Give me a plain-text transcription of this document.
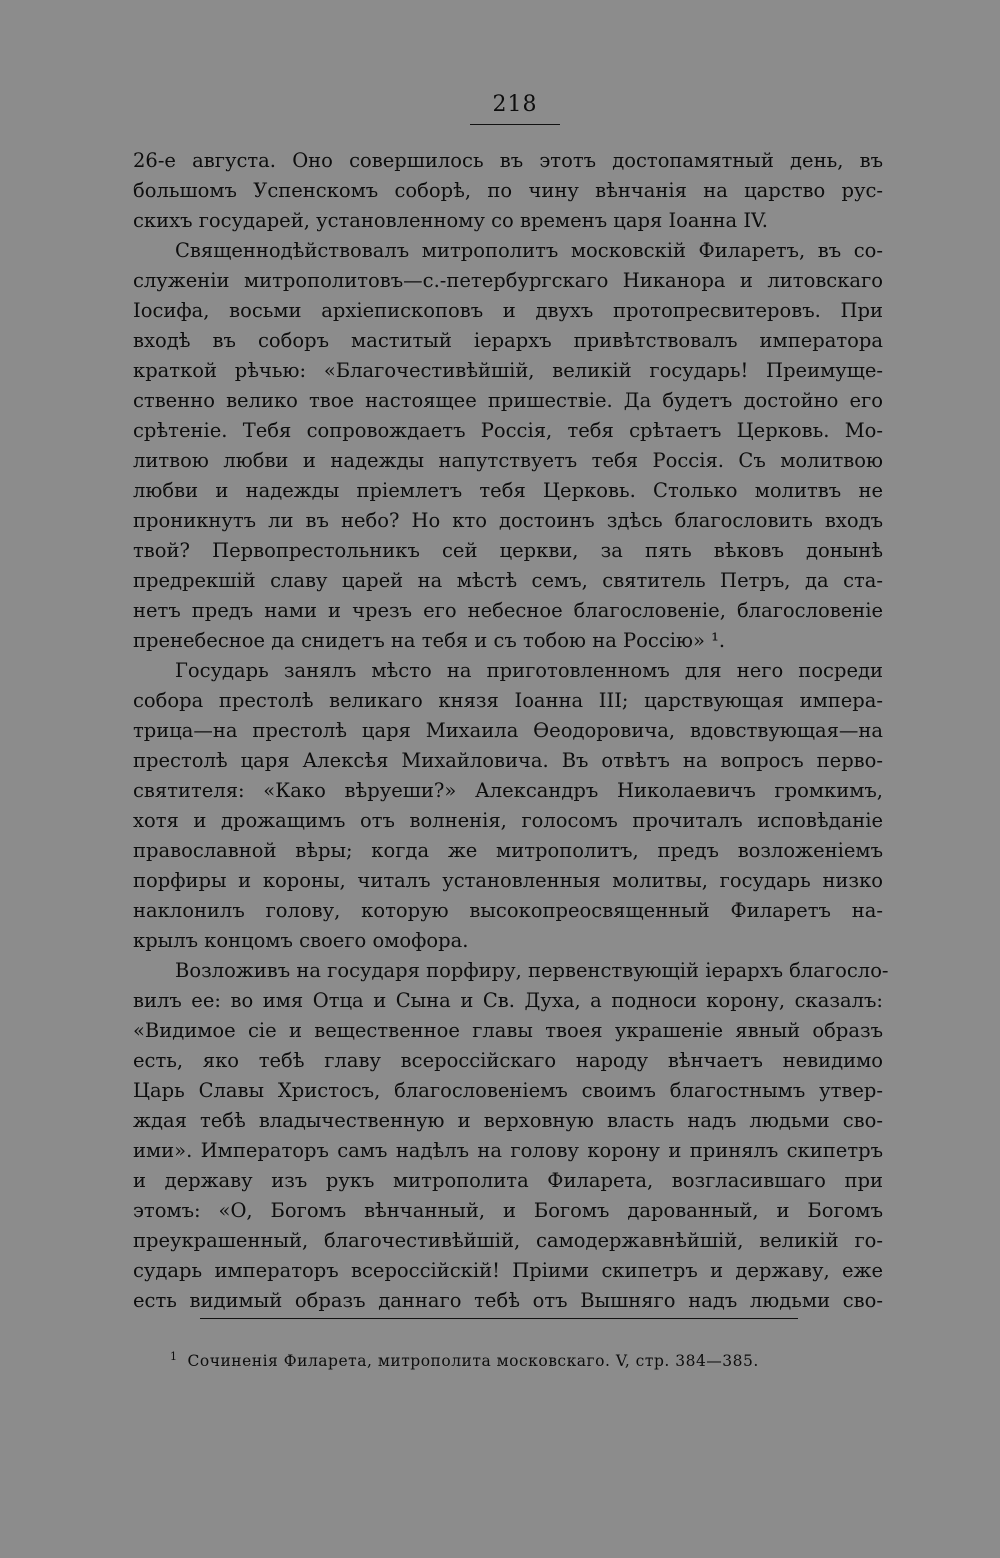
218
26-е августа. Оно совершилось въ этотъ достопамятный день, въ
большомъ Успенскомъ соборѣ, по чину вѣнчанія на царство рус-
скихъ государей, установленному со временъ царя Іоанна IV.
Священнодѣйствовалъ митрополитъ московскій Филаретъ, въ со-
служеніи митрополитовъ—с.-петербургскаго Никанора и литовскаго
Іосифа, восьми архіепископовъ и двухъ протопресвитеровъ. При
входѣ въ соборъ маститый іерархъ привѣтствовалъ императора
краткой рѣчью: «Благочестивѣйшій, великій государь! Преимуще-
ственно велико твое настоящее пришествіе. Да будетъ достойно его
срѣтеніе. Тебя сопровождаетъ Россія, тебя срѣтаетъ Церковь. Мо-
литвою любви и надежды напутствуетъ тебя Россія. Съ молитвою
любви и надежды пріемлетъ тебя Церковь. Столько молитвъ не
проникнутъ ли въ небо? Но кто достоинъ здѣсь благословить входъ
твой? Первопрестольникъ сей церкви, за пять вѣковъ донынѣ
предрекшій славу царей на мѣстѣ семъ, святитель Петръ, да ста-
нетъ предъ нами и чрезъ его небесное благословеніе, благословеніе
пренебесное да снидетъ на тебя и съ тобою на Россію» ¹.
Государь занялъ мѣсто на приготовленномъ для него посреди
собора престолѣ великаго князя Іоанна III; царствующая импера-
трица—на престолѣ царя Михаила Ѳеодоровича, вдовствующая—на
престолѣ царя Алексѣя Михайловича. Въ отвѣтъ на вопросъ перво-
святителя: «Како вѣруеши?» Александръ Николаевичъ громкимъ,
хотя и дрожащимъ отъ волненія, голосомъ прочиталъ исповѣданіе
православной вѣры; когда же митрополитъ, предъ возложеніемъ
порфиры и короны, читалъ установленныя молитвы, государь низко
наклонилъ голову, которую высокопреосвященный Филаретъ на-
крылъ концомъ своего омофора.
Возложивъ на государя порфиру, первенствующій іерархъ благосло-
вилъ ее: во имя Отца и Сына и Св. Духа, а подноси корону, сказалъ:
«Видимое сіе и вещественное главы твоея украшеніе явный образъ
есть, яко тебѣ главу всероссійскаго народу вѣнчаетъ невидимо
Царь Славы Христосъ, благословеніемъ своимъ благостнымъ утвер-
ждая тебѣ владычественную и верховную власть надъ людьми сво-
ими». Императоръ самъ надѣлъ на голову корону и принялъ скипетръ
и державу изъ рукъ митрополита Филарета, возгласившаго при
этомъ: «О, Богомъ вѣнчанный, и Богомъ дарованный, и Богомъ
преукрашенный, благочестивѣйшій, самодержавнѣйшій, великій го-
сударь императоръ всероссійскій! Пріими скипетръ и державу, еже
есть видимый образъ даннаго тебѣ отъ Вышняго надъ людьми сво-
$^1$ Сочиненія Филарета, митрополита московскаго. V, стр. 384—385.
